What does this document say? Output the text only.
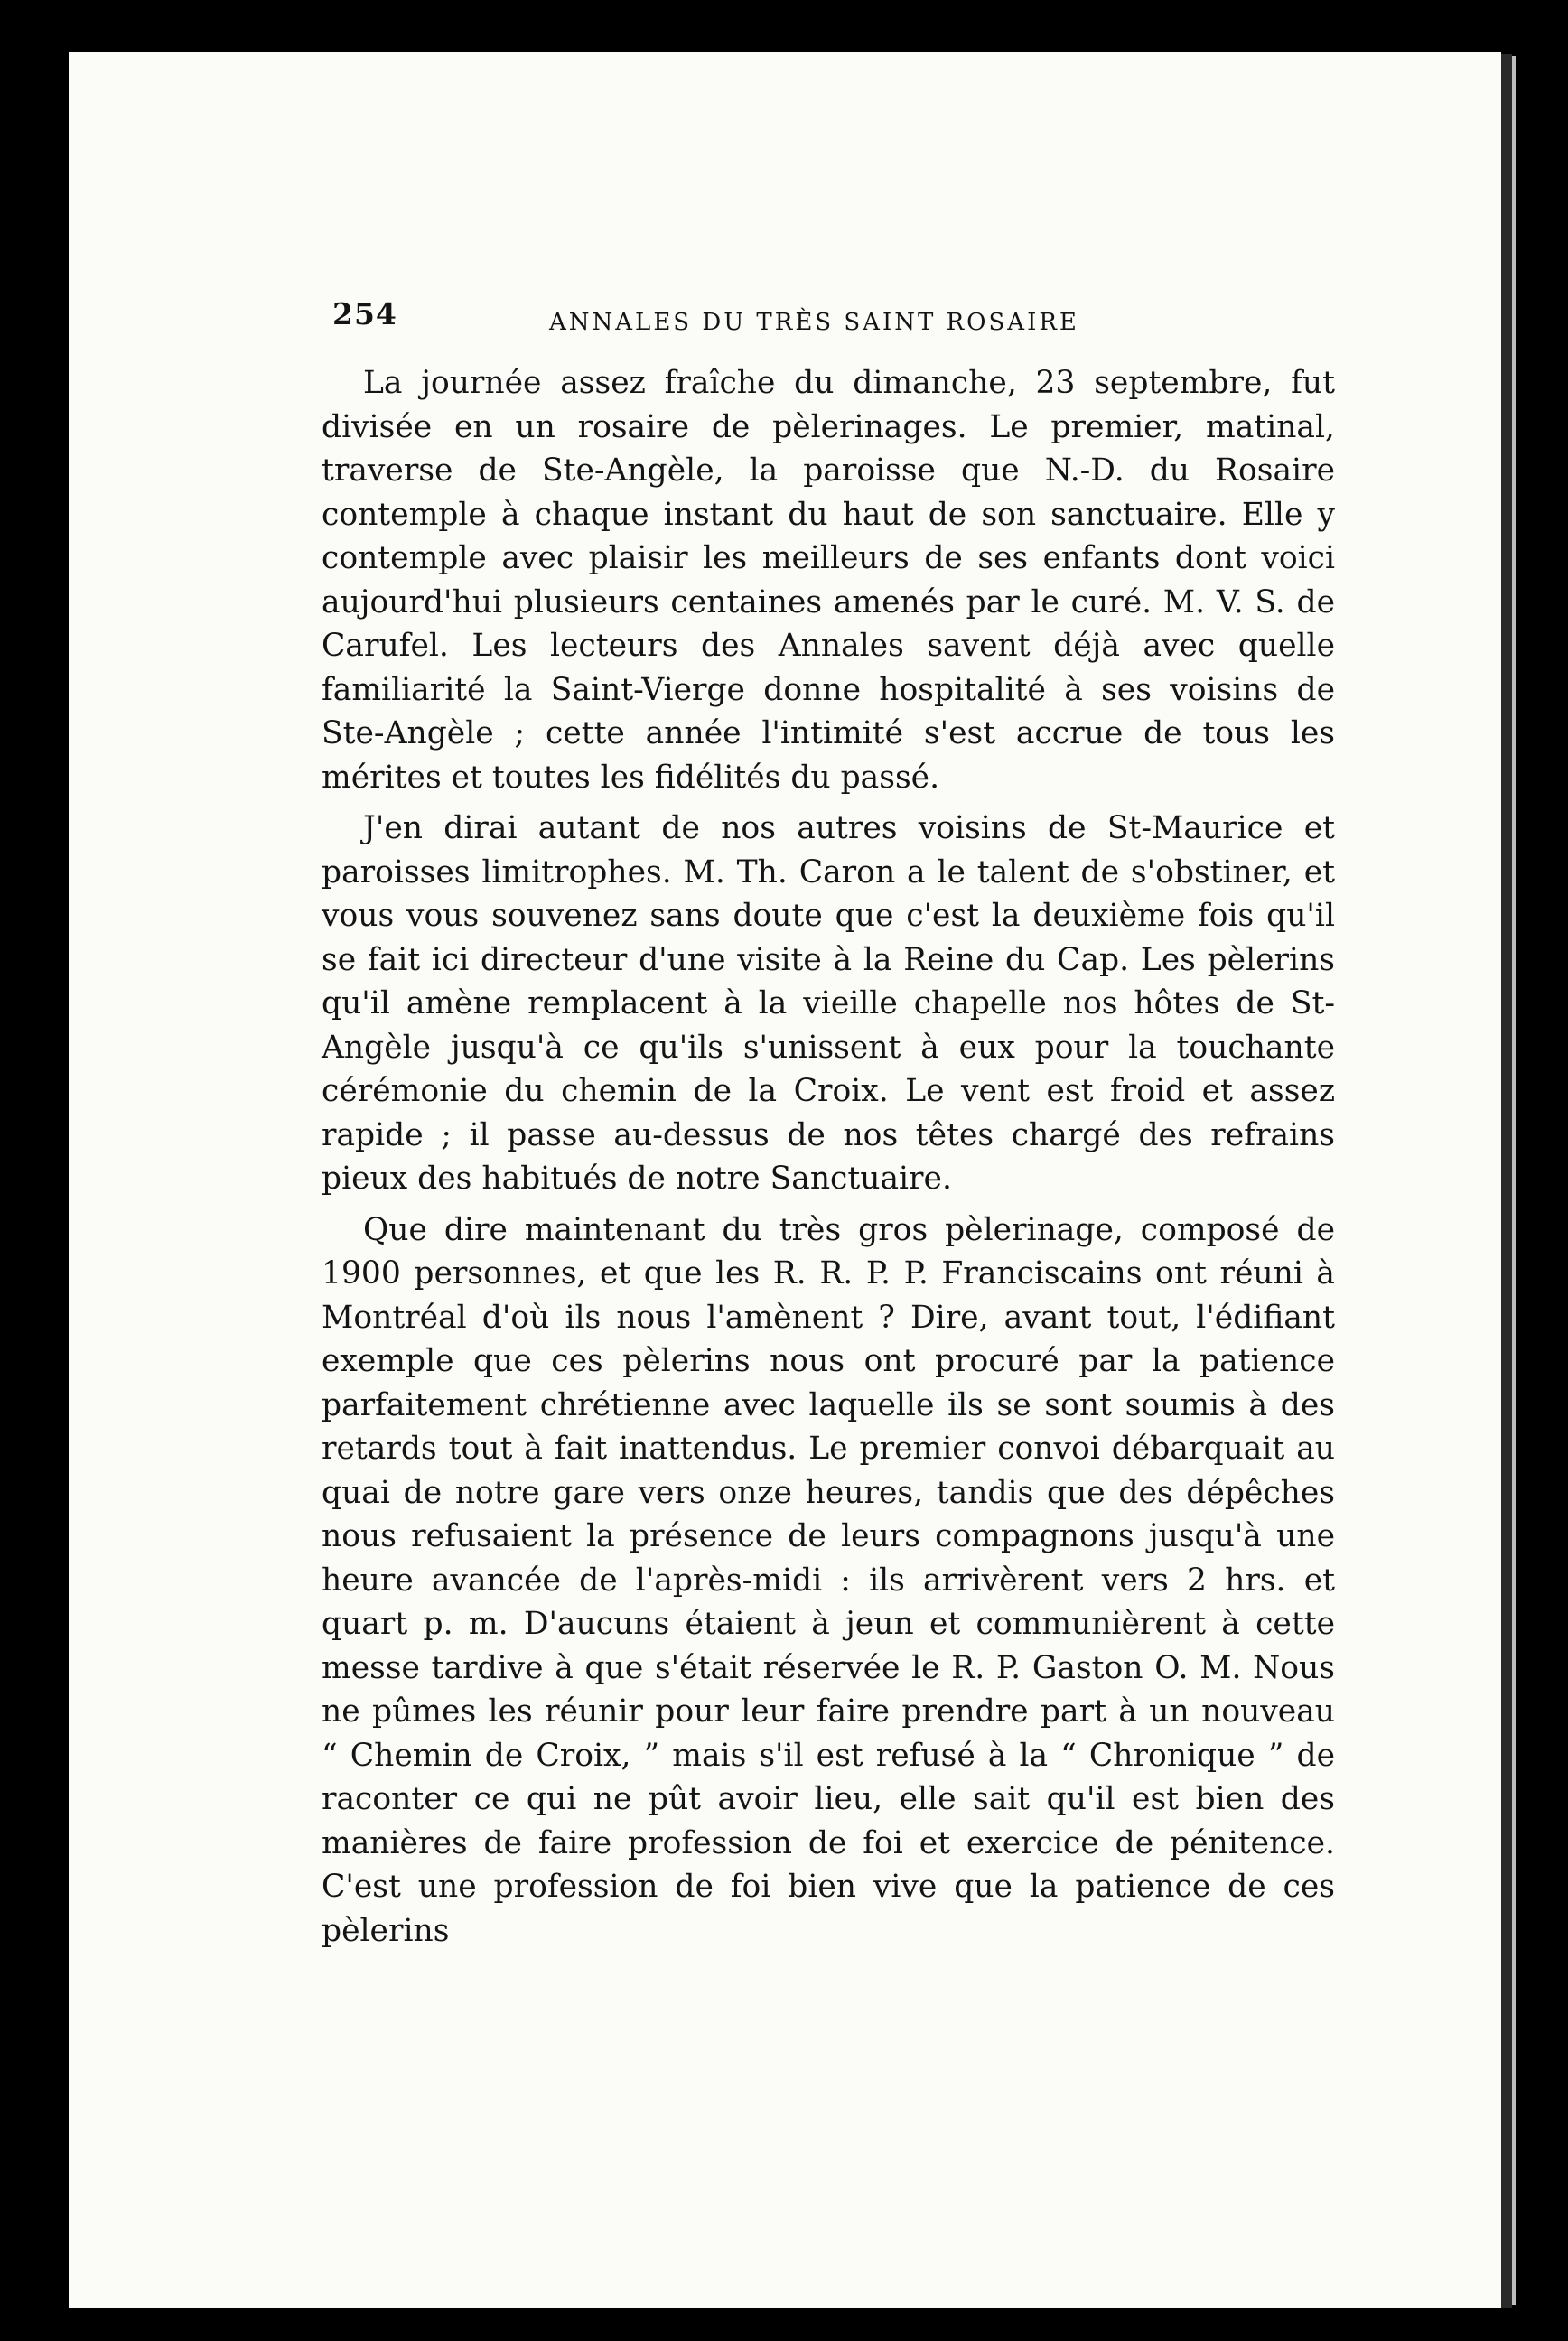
254	ANNALES DU TRÈS SAINT ROSAIRE

La journée assez fraîche du dimanche, 23 septembre, fut divisée en un rosaire de pèlerinages. Le premier, matinal, traverse de Ste-Angèle, la paroisse que N.-D. du Rosaire contemple à chaque instant du haut de son sanctuaire. Elle y contemple avec plaisir les meilleurs de ses enfants dont voici aujourd'hui plusieurs centaines amenés par le curé. M. V. S. de Carufel. Les lecteurs des Annales savent déjà avec quelle familiarité la Saint-Vierge donne hospitalité à ses voisins de Ste-Angèle ; cette année l'intimité s'est accrue de tous les mérites et toutes les fidélités du passé.

J'en dirai autant de nos autres voisins de St-Maurice et paroisses limitrophes. M. Th. Caron a le talent de s'obstiner, et vous vous souvenez sans doute que c'est la deuxième fois qu'il se fait ici directeur d'une visite à la Reine du Cap. Les pèlerins qu'il amène remplacent à la vieille chapelle nos hôtes de St-Angèle jusqu'à ce qu'ils s'unissent à eux pour la touchante cérémonie du chemin de la Croix. Le vent est froid et assez rapide ; il passe au-dessus de nos têtes chargé des refrains pieux des habitués de notre Sanctuaire.

Que dire maintenant du très gros pèlerinage, composé de 1900 personnes, et que les R. R. P. P. Franciscains ont réuni à Montréal d'où ils nous l'amènent ? Dire, avant tout, l'édifiant exemple que ces pèlerins nous ont procuré par la patience parfaitement chrétienne avec laquelle ils se sont soumis à des retards tout à fait inattendus. Le premier convoi débarquait au quai de notre gare vers onze heures, tandis que des dépêches nous refusaient la présence de leurs compagnons jusqu'à une heure avancée de l'après-midi : ils arrivèrent vers 2 hrs. et quart p. m. D'aucuns étaient à jeun et communièrent à cette messe tardive à que s'était réservée le R. P. Gaston O. M. Nous ne pûmes les réunir pour leur faire prendre part à un nouveau “ Chemin de Croix, ” mais s'il est refusé à la “ Chronique ” de raconter ce qui ne pût avoir lieu, elle sait qu'il est bien des manières de faire profession de foi et exercice de pénitence. C'est une profession de foi bien vive que la patience de ces pèlerins
